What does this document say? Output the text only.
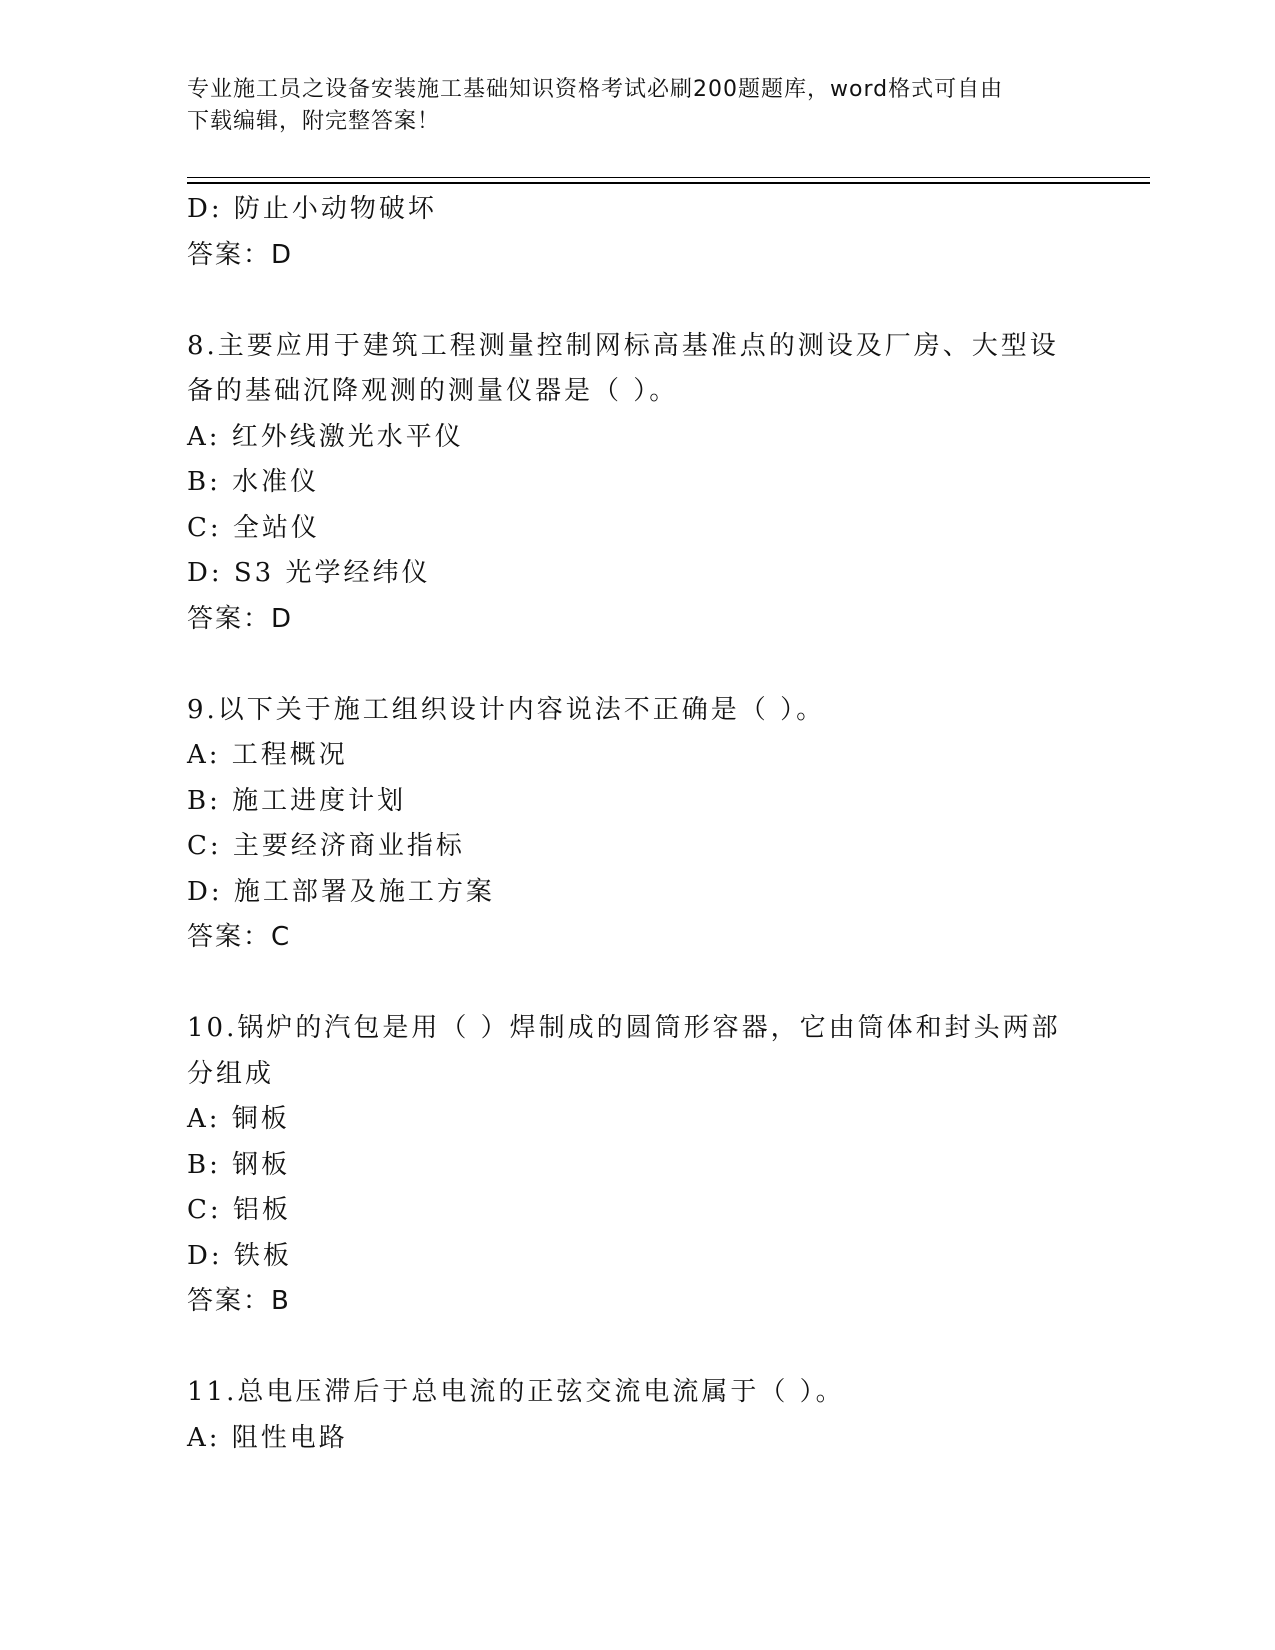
专业施工员之设备安装施工基础知识资格考试必刷200题题库，word格式可自由
下载编辑，附完整答案！
D: 防止小动物破坏
答案：D
8.主要应用于建筑工程测量控制网标高基准点的测设及厂房、大型设
备的基础沉降观测的测量仪器是（ ）。
A: 红外线激光水平仪
B: 水准仪
C: 全站仪
D: S3 光学经纬仪
答案：D
9.以下关于施工组织设计内容说法不正确是（ ）。
A: 工程概况
B: 施工进度计划
C: 主要经济商业指标
D: 施工部署及施工方案
答案：C
10.锅炉的汽包是用（ ）焊制成的圆筒形容器，它由筒体和封头两部
分组成
A: 铜板
B: 钢板
C: 铝板
D: 铁板
答案：B
11.总电压滞后于总电流的正弦交流电流属于（ ）。
A: 阻性电路
